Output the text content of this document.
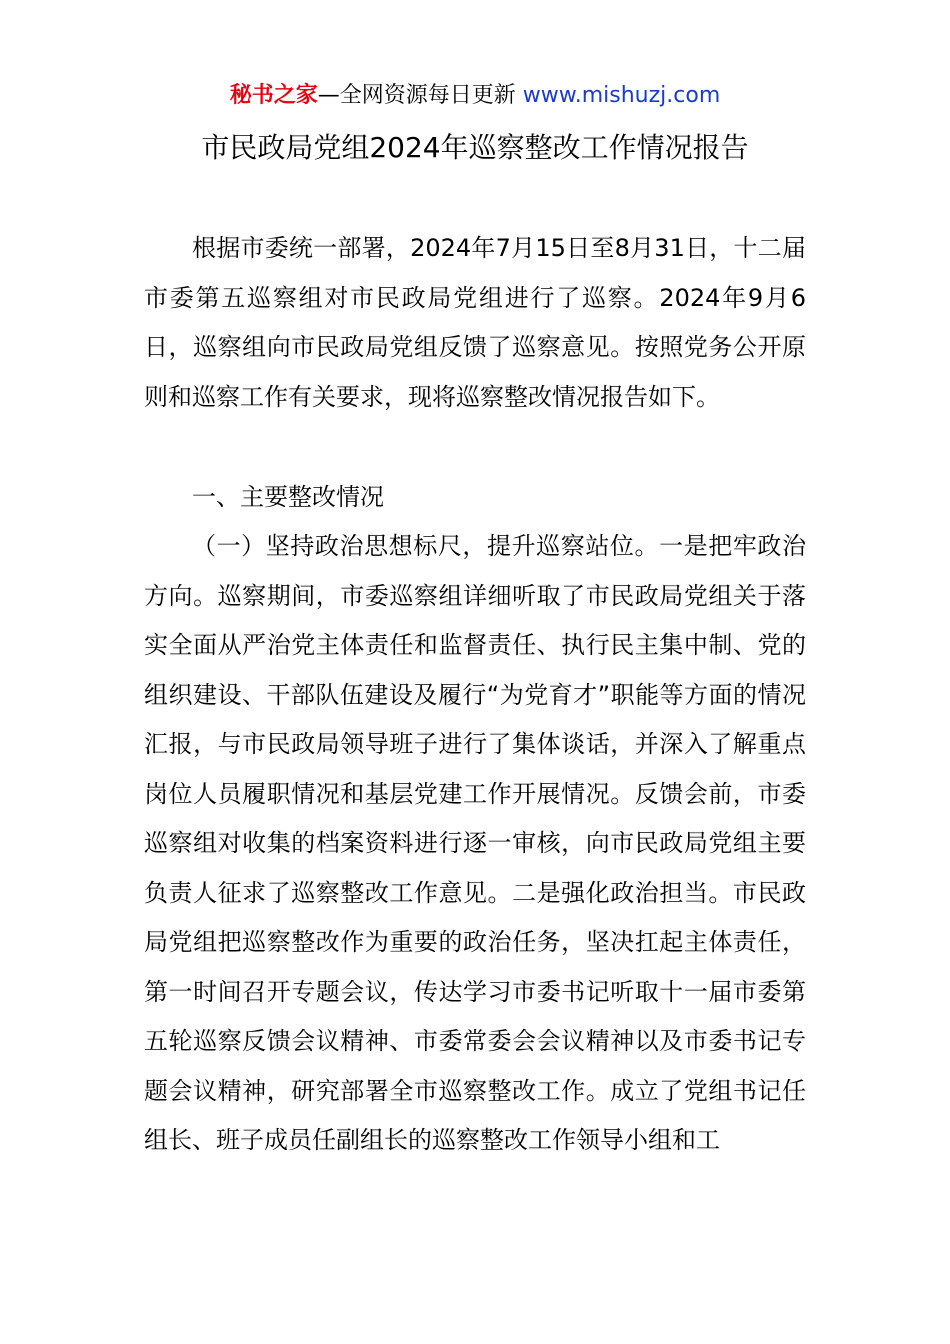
秘书之家—全网资源每日更新 www.mishuzj.com
市民政局党组2024年巡察整改工作情况报告

根据市委统一部署，2024年7月15日至8月31日，十二届市委第五巡察组对市民政局党组进行了巡察。2024年9月6日，巡察组向市民政局党组反馈了巡察意见。按照党务公开原则和巡察工作有关要求，现将巡察整改情况报告如下。

一、主要整改情况

（一）坚持政治思想标尺，提升巡察站位。一是把牢政治方向。巡察期间，市委巡察组详细听取了市民政局党组关于落实全面从严治党主体责任和监督责任、执行民主集中制、党的组织建设、干部队伍建设及履行“为党育才”职能等方面的情况汇报，与市民政局领导班子进行了集体谈话，并深入了解重点岗位人员履职情况和基层党建工作开展情况。反馈会前，市委巡察组对收集的档案资料进行逐一审核，向市民政局党组主要负责人征求了巡察整改工作意见。二是强化政治担当。市民政局党组把巡察整改作为重要的政治任务，坚决扛起主体责任，第一时间召开专题会议，传达学习市委书记听取十一届市委第五轮巡察反馈会议精神、市委常委会会议精神以及市委书记专题会议精神，研究部署全市巡察整改工作。成立了党组书记任组长、班子成员任副组长的巡察整改工作领导小组和工
